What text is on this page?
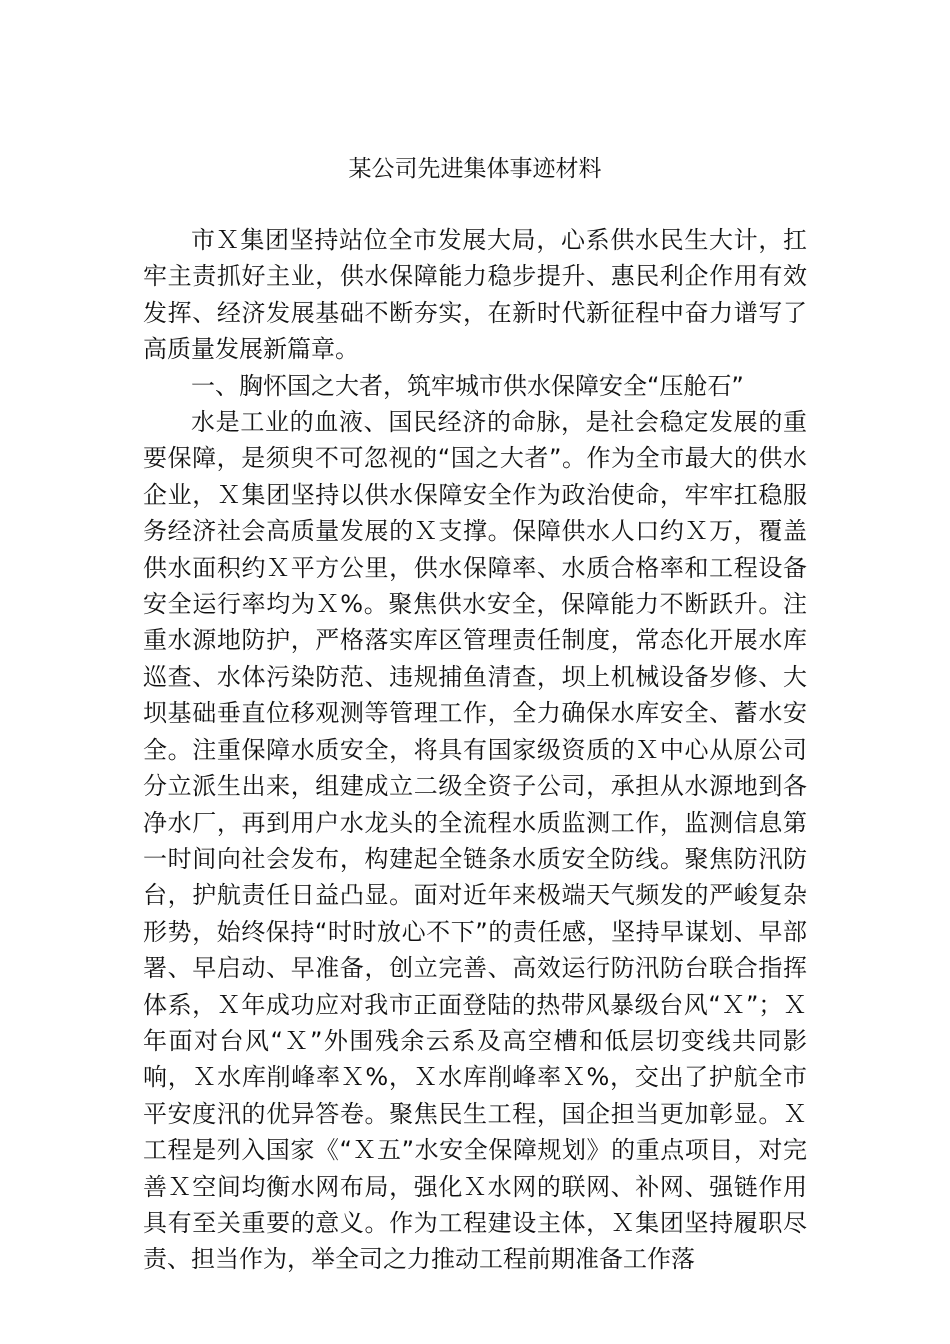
某公司先进集体事迹材料

市Ｘ集团坚持站位全市发展大局，心系供水民生大计，扛牢主责抓好主业，供水保障能力稳步提升、惠民利企作用有效发挥、经济发展基础不断夯实，在新时代新征程中奋力谱写了高质量发展新篇章。

一、胸怀国之大者，筑牢城市供水保障安全“压舱石”

水是工业的血液、国民经济的命脉，是社会稳定发展的重要保障，是须臾不可忽视的“国之大者”。作为全市最大的供水企业，Ｘ集团坚持以供水保障安全作为政治使命，牢牢扛稳服务经济社会高质量发展的Ｘ支撑。保障供水人口约Ｘ万，覆盖供水面积约Ｘ平方公里，供水保障率、水质合格率和工程设备安全运行率均为Ｘ%。聚焦供水安全，保障能力不断跃升。注重水源地防护，严格落实库区管理责任制度，常态化开展水库巡查、水体污染防范、违规捕鱼清查，坝上机械设备岁修、大坝基础垂直位移观测等管理工作，全力确保水库安全、蓄水安全。注重保障水质安全，将具有国家级资质的Ｘ中心从原公司分立派生出来，组建成立二级全资子公司，承担从水源地到各净水厂，再到用户水龙头的全流程水质监测工作，监测信息第一时间向社会发布，构建起全链条水质安全防线。聚焦防汛防台，护航责任日益凸显。面对近年来极端天气频发的严峻复杂形势，始终保持“时时放心不下”的责任感，坚持早谋划、早部署、早启动、早准备，创立完善、高效运行防汛防台联合指挥体系，Ｘ年成功应对我市正面登陆的热带风暴级台风“Ｘ”；Ｘ年面对台风“Ｘ”外围残余云系及高空槽和低层切变线共同影响，Ｘ水库削峰率Ｘ%，Ｘ水库削峰率Ｘ%，交出了护航全市平安度汛的优异答卷。聚焦民生工程，国企担当更加彰显。Ｘ工程是列入国家《“Ｘ五”水安全保障规划》的重点项目，对完善Ｘ空间均衡水网布局，强化Ｘ水网的联网、补网、强链作用具有至关重要的意义。作为工程建设主体，Ｘ集团坚持履职尽责、担当作为，举全司之力推动工程前期准备工作落
